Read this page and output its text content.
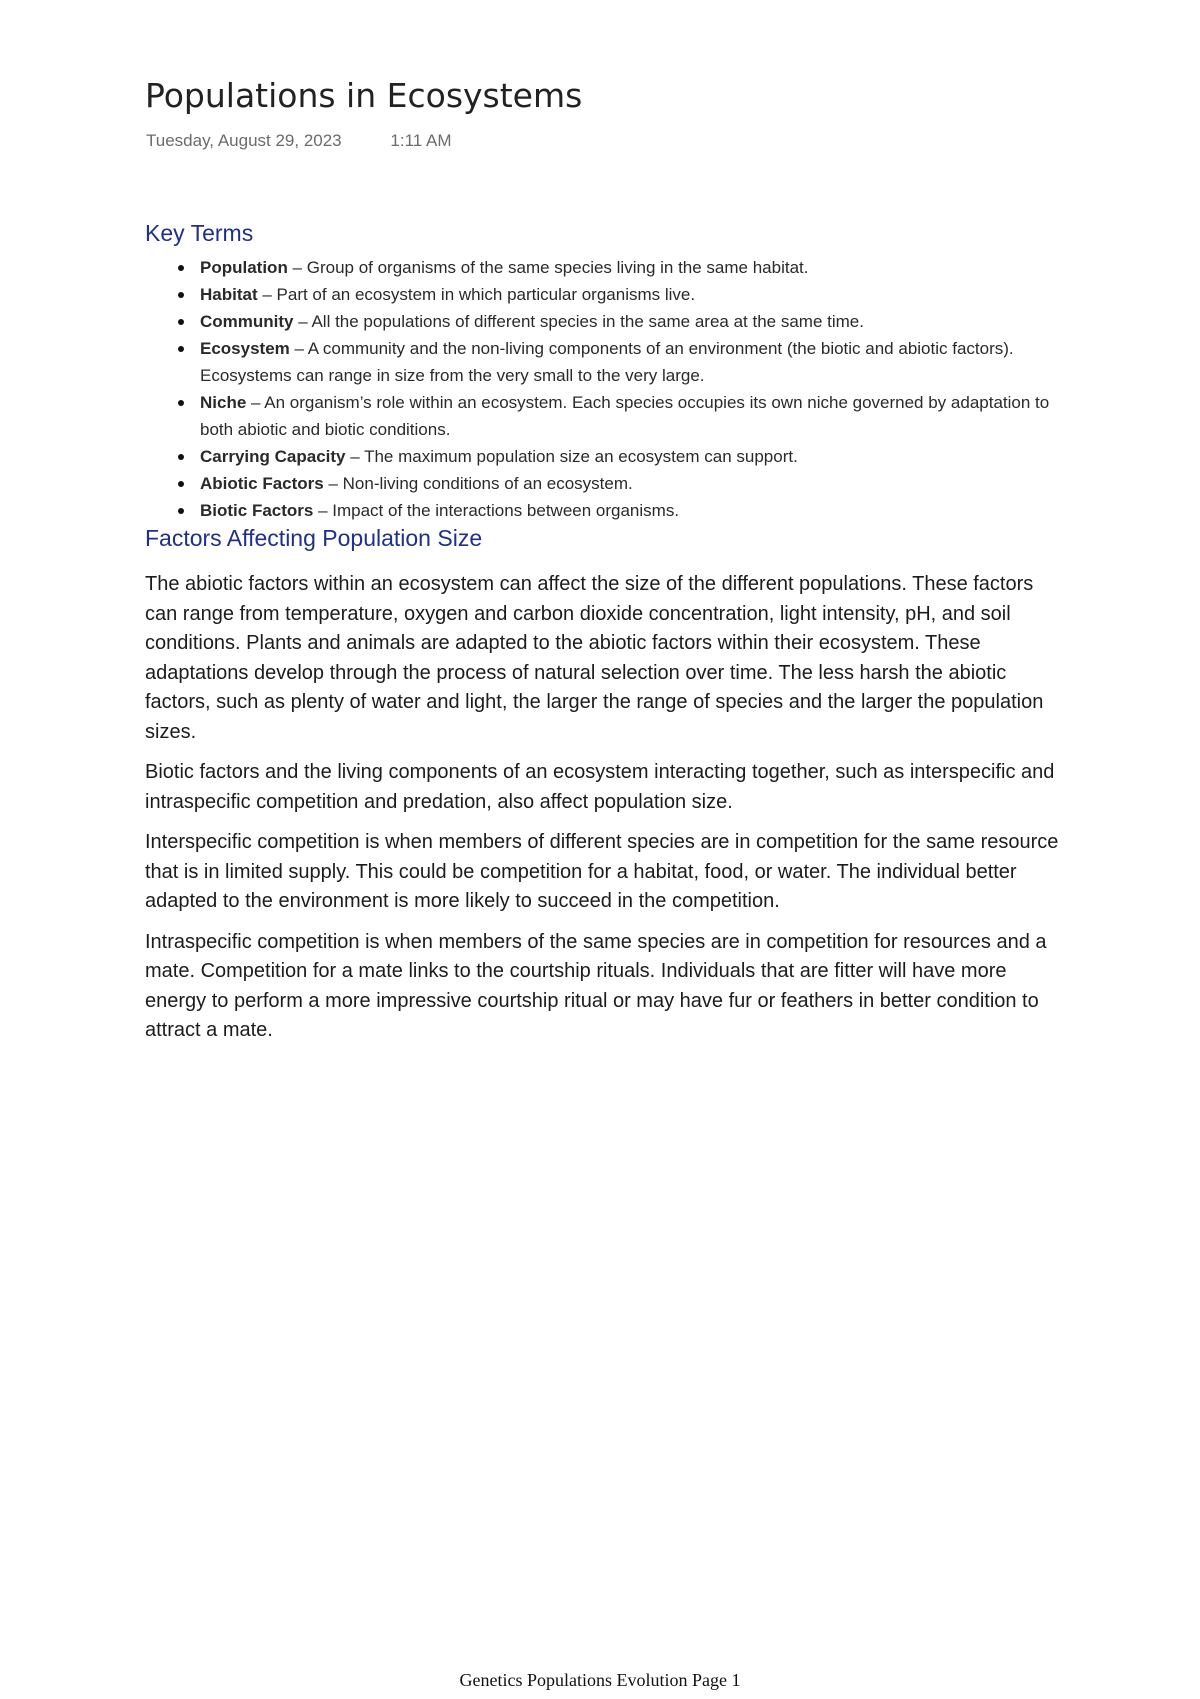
Populations in Ecosystems
Tuesday, August 29, 2023	1:11 AM
Key Terms
Population – Group of organisms of the same species living in the same habitat.
Habitat – Part of an ecosystem in which particular organisms live.
Community – All the populations of different species in the same area at the same time.
Ecosystem – A community and the non-living components of an environment (the biotic and abiotic factors). Ecosystems can range in size from the very small to the very large.
Niche – An organism’s role within an ecosystem. Each species occupies its own niche governed by adaptation to both abiotic and biotic conditions.
Carrying Capacity – The maximum population size an ecosystem can support.
Abiotic Factors – Non-living conditions of an ecosystem.
Biotic Factors – Impact of the interactions between organisms.
Factors Affecting Population Size

The abiotic factors within an ecosystem can affect the size of the different populations. These factors can range from temperature, oxygen and carbon dioxide concentration, light intensity, pH, and soil conditions. Plants and animals are adapted to the abiotic factors within their ecosystem. These adaptations develop through the process of natural selection over time. The less harsh the abiotic factors, such as plenty of water and light, the larger the range of species and the larger the population sizes.

Biotic factors and the living components of an ecosystem interacting together, such as interspecific and intraspecific competition and predation, also affect population size.

Interspecific competition is when members of different species are in competition for the same resource that is in limited supply. This could be competition for a habitat, food, or water. The individual better adapted to the environment is more likely to succeed in the competition.

Intraspecific competition is when members of the same species are in competition for resources and a mate. Competition for a mate links to the courtship rituals. Individuals that are fitter will have more energy to perform a more impressive courtship ritual or may have fur or feathers in better condition to attract a mate.

Genetics Populations Evolution Page 1
